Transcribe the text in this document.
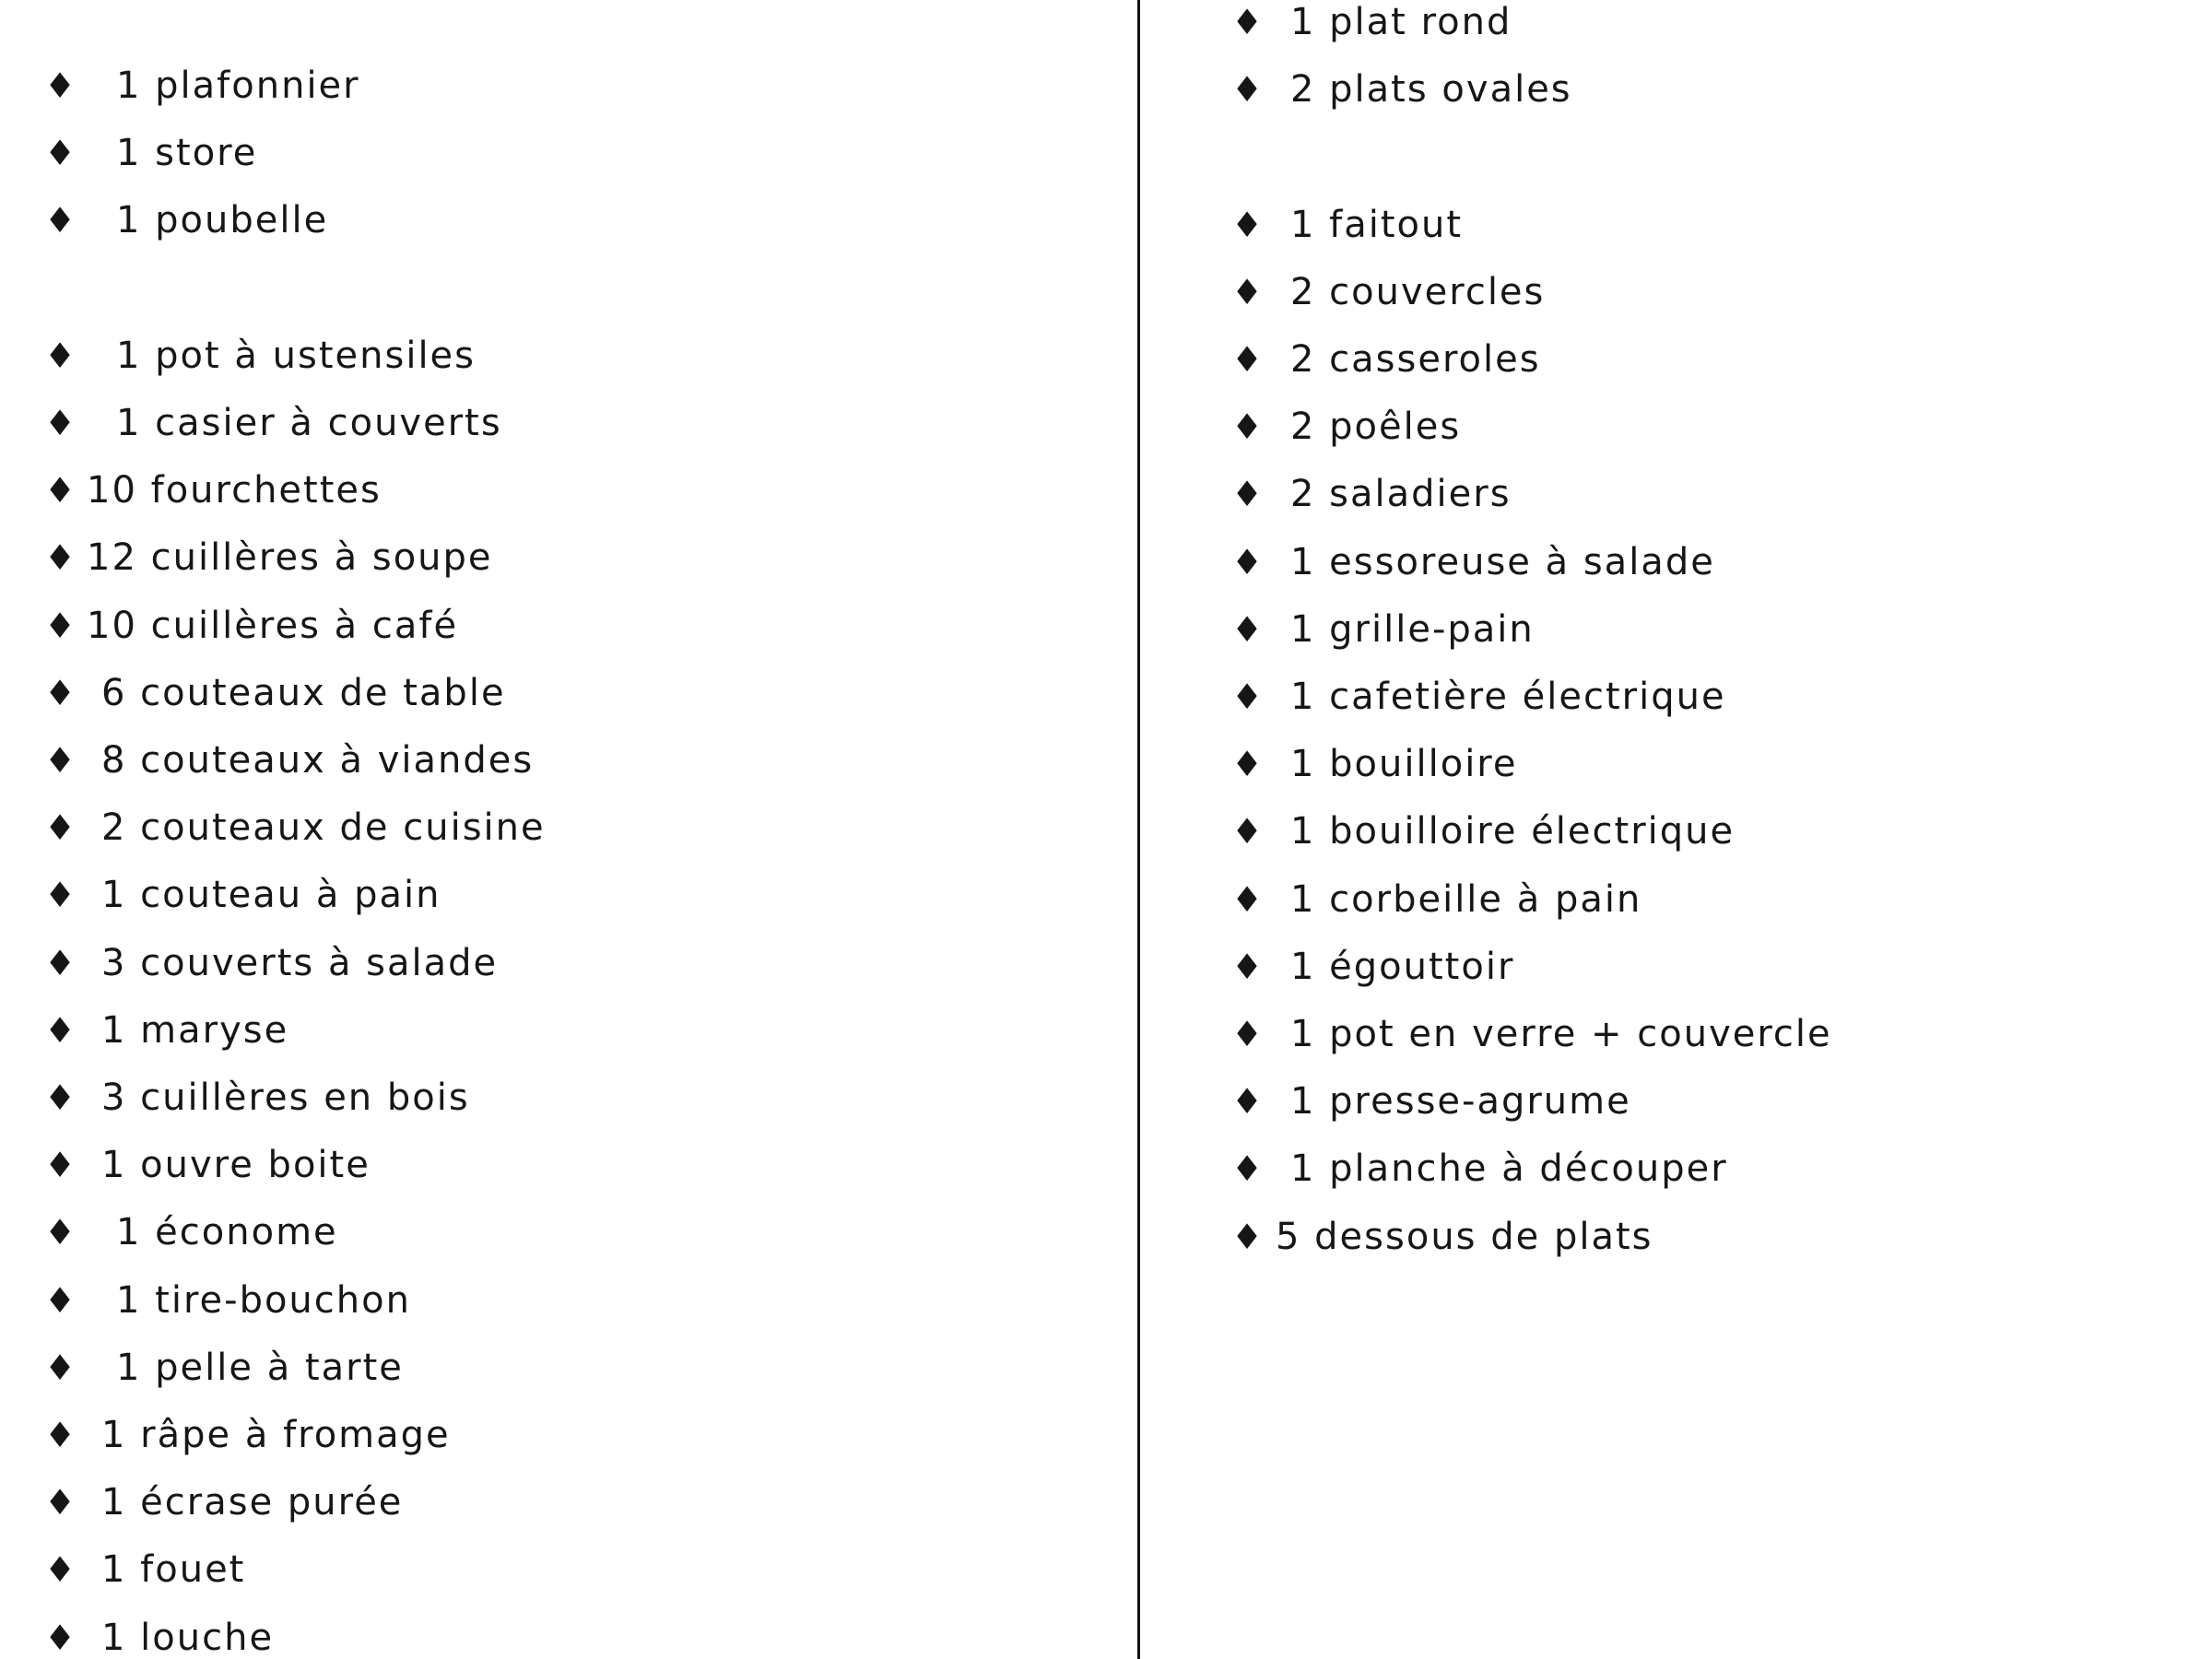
♦ 1 plafonnier
♦ 1 store
♦ 1 poubelle
♦ 1 pot à ustensiles
♦ 1 casier à couverts
♦ 10 fourchettes
♦ 12 cuillères à soupe
♦ 10 cuillères à café
♦ 6 couteaux de table
♦ 8 couteaux à viandes
♦ 2 couteaux de cuisine
♦ 1 couteau à pain
♦ 3 couverts à salade
♦ 1 maryse
♦ 3 cuillères en bois
♦ 1 ouvre boite
♦ 1 économe
♦ 1 tire-bouchon
♦ 1 pelle à tarte
♦ 1 râpe à fromage
♦ 1 écrase purée
♦ 1 fouet
♦ 1 louche
♦ 1 plat rond
♦ 2 plats ovales
♦ 1 faitout
♦ 2 couvercles
♦ 2 casseroles
♦ 2 poêles
♦ 2 saladiers
♦ 1 essoreuse à salade
♦ 1 grille-pain
♦ 1 cafetière électrique
♦ 1 bouilloire
♦ 1 bouilloire électrique
♦ 1 corbeille à pain
♦ 1 égouttoir
♦ 1 pot en verre + couvercle
♦ 1 presse-agrume
♦ 1 planche à découper
♦ 5 dessous de plats
